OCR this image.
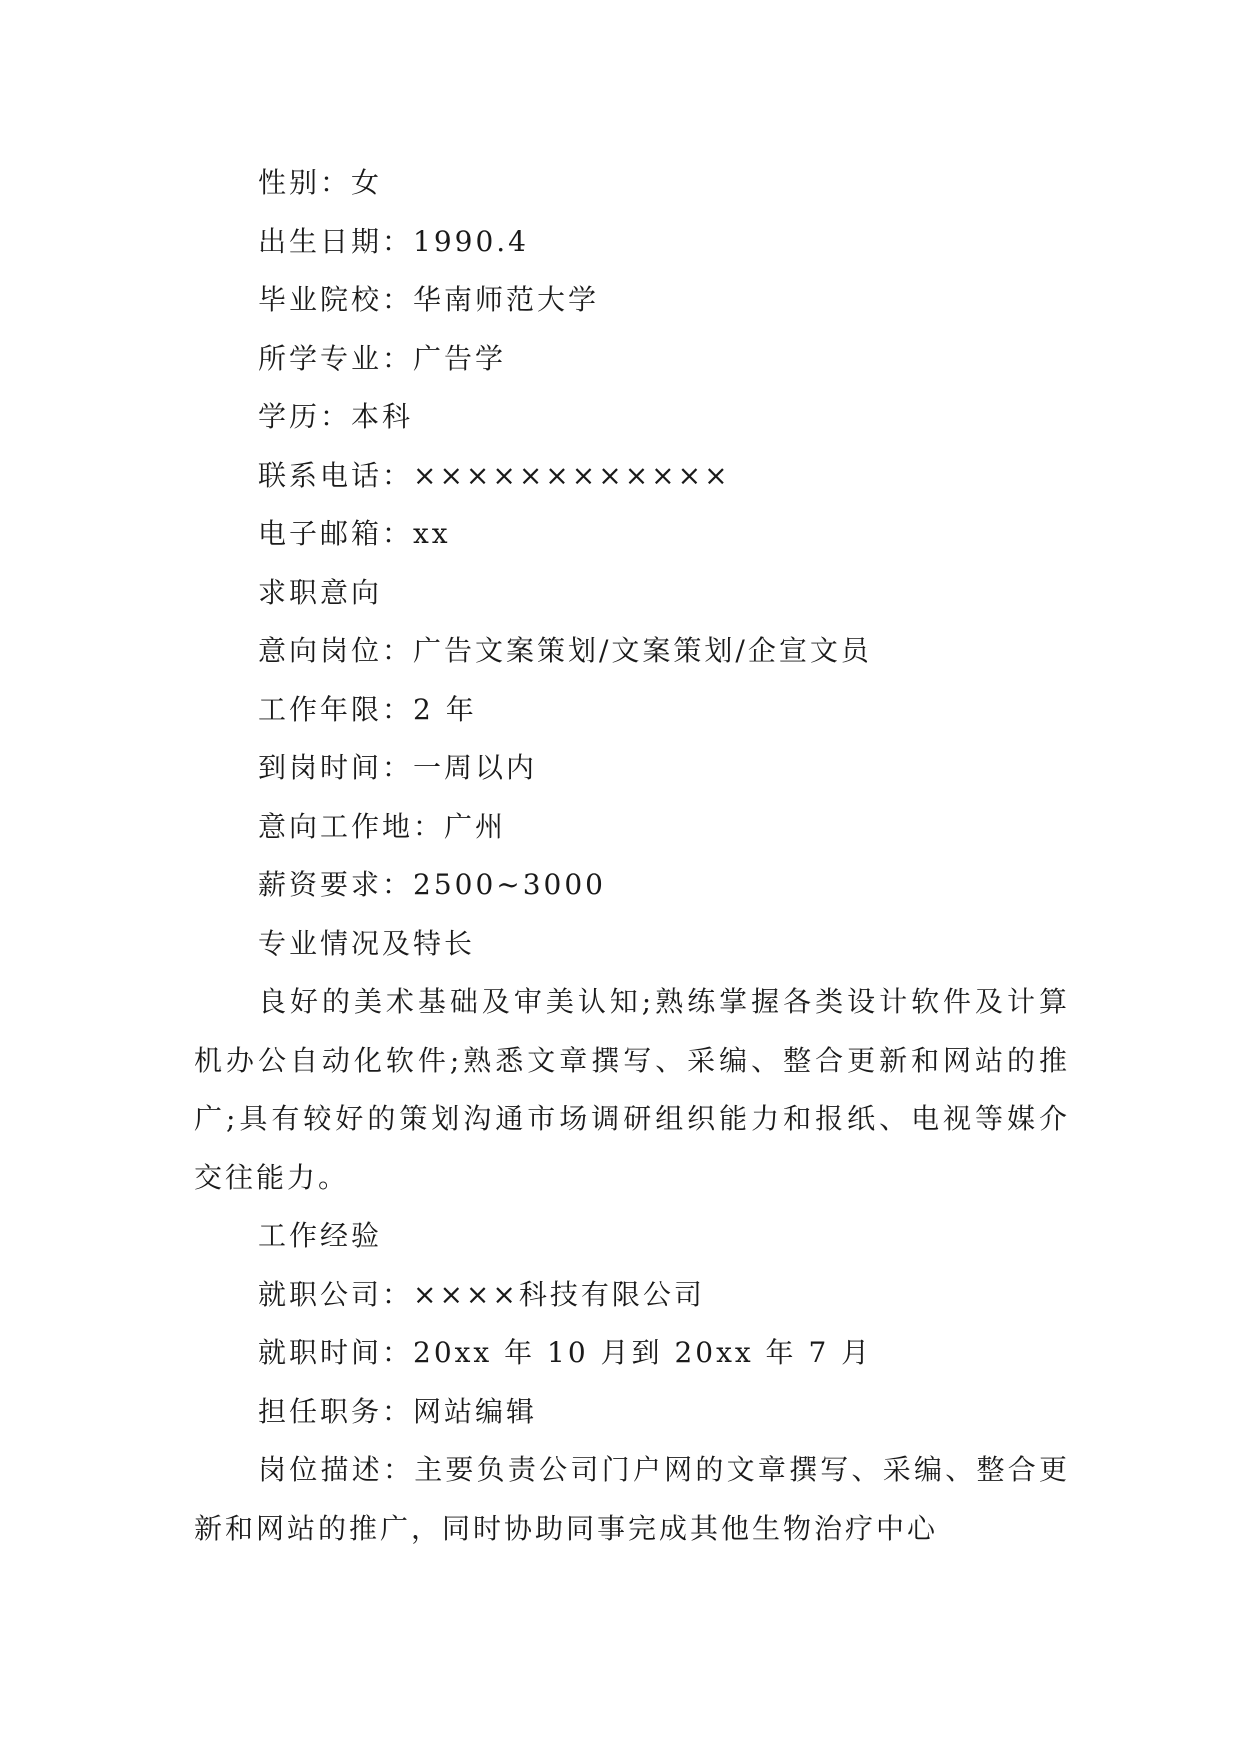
性别：女
出生日期：1990.4
毕业院校：华南师范大学
所学专业：广告学
学历：本科
联系电话：××××××××××××
电子邮箱：xx
求职意向
意向岗位：广告文案策划/文案策划/企宣文员
工作年限：2 年
到岗时间：一周以内
意向工作地：广州
薪资要求：2500~3000
专业情况及特长

良好的美术基础及审美认知;熟练掌握各类设计软件及计算机办公自动化软件;熟悉文章撰写、采编、整合更新和网站的推广;具有较好的策划沟通市场调研组织能力和报纸、电视等媒介交往能力。

工作经验
就职公司：××××科技有限公司
就职时间：20xx 年 10 月到 20xx 年 7 月
担任职务：网站编辑

岗位描述：主要负责公司门户网的文章撰写、采编、整合更新和网站的推广，同时协助同事完成其他生物治疗中心
